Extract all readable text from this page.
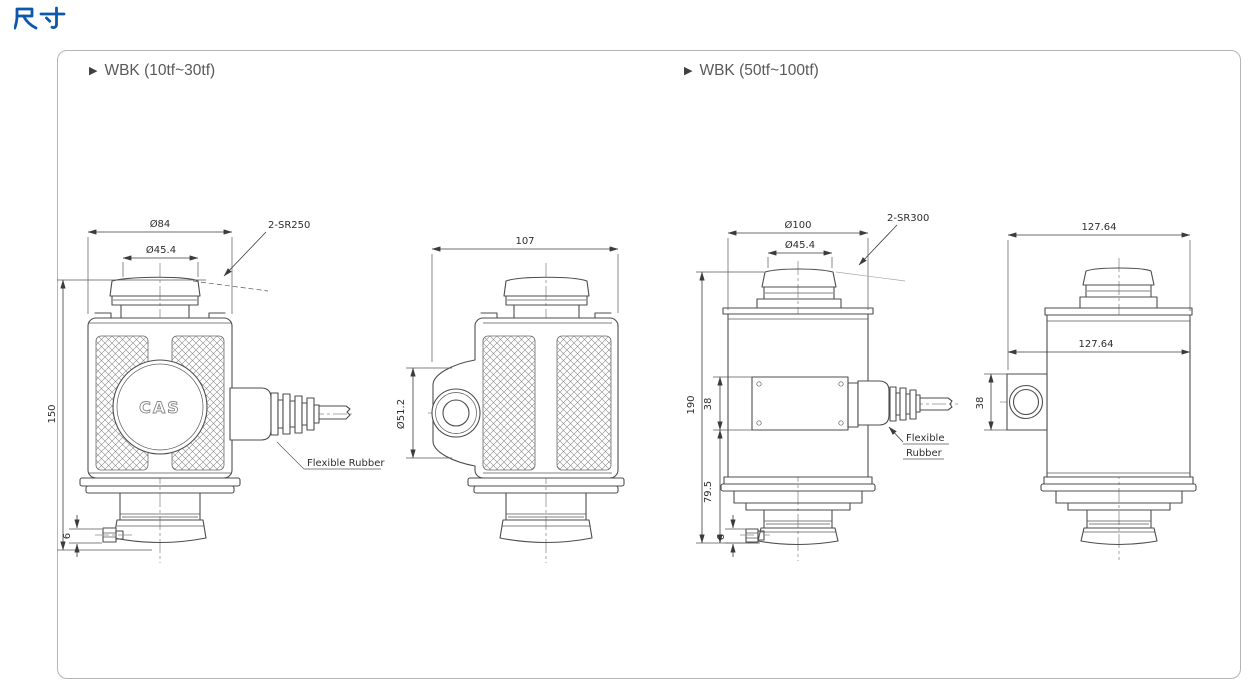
▶ WBK (10tf~30tf)	▶ WBK (50tf~100tf)
CAS
Ø84
Ø45.4
2-SR250
150
6
Flexible Rubber
107
Ø51.2
Ø100
Ø45.4
2-SR300
190 38
79.5
6
Flexible
Rubber
127.64
127.64
38
